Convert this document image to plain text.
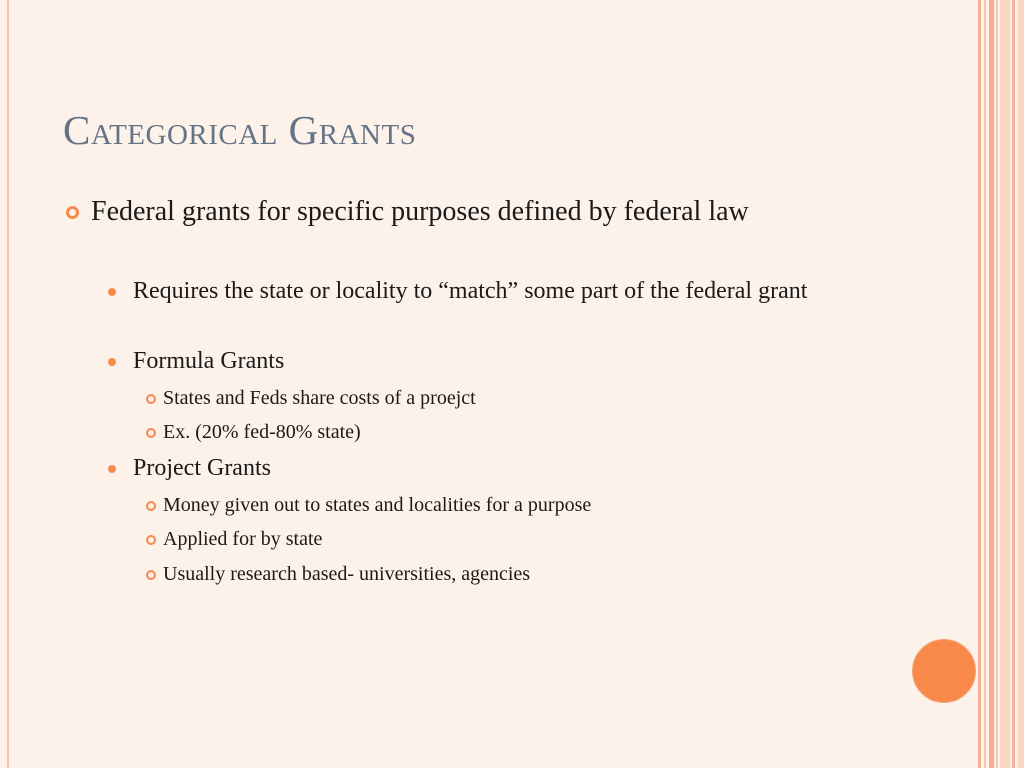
Categorical Grants
Federal grants for specific purposes defined by federal law
Requires the state or locality to “match” some part of the federal grant
Formula Grants
States and Feds share costs of a proejct
Ex. (20% fed-80% state)
Project Grants
Money given out to states and localities for a purpose
Applied for by state
Usually research based- universities, agencies
